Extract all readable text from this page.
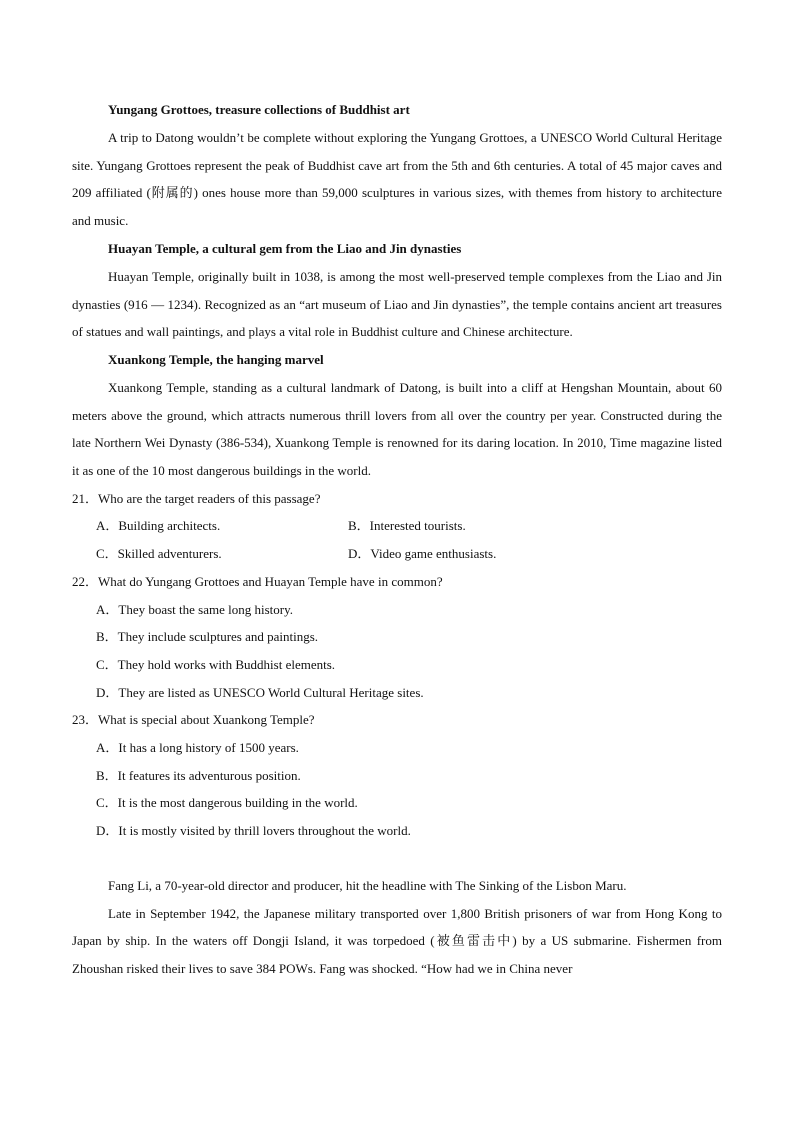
Yungang Grottoes, treasure collections of Buddhist art

A trip to Datong wouldn’t be complete without exploring the Yungang Grottoes, a UNESCO World Cultural Heritage site. Yungang Grottoes represent the peak of Buddhist cave art from the 5th and 6th centuries. A total of 45 major caves and 209 affiliated (附属的) ones house more than 59,000 sculptures in various sizes, with themes from history to architecture and music.

Huayan Temple, a cultural gem from the Liao and Jin dynasties

Huayan Temple, originally built in 1038, is among the most well-preserved temple complexes from the Liao and Jin dynasties (916 — 1234). Recognized as an “art museum of Liao and Jin dynasties”, the temple contains ancient art treasures of statues and wall paintings, and plays a vital role in Buddhist culture and Chinese architecture.

Xuankong Temple, the hanging marvel

Xuankong Temple, standing as a cultural landmark of Datong, is built into a cliff at Hengshan Mountain, about 60 meters above the ground, which attracts numerous thrill lovers from all over the country per year. Constructed during the late Northern Wei Dynasty (386-534), Xuankong Temple is renowned for its daring location. In 2010, Time magazine listed it as one of the 10 most dangerous buildings in the world.

21．Who are the target readers of this passage?

A．Building architects.	B．Interested tourists.
C．Skilled adventurers.	D．Video game enthusiasts.

22．What do Yungang Grottoes and Huayan Temple have in common?

A．They boast the same long history.

B．They include sculptures and paintings.

C．They hold works with Buddhist elements.

D．They are listed as UNESCO World Cultural Heritage sites.

23．What is special about Xuankong Temple?

A．It has a long history of 1500 years.

B．It features its adventurous position.

C．It is the most dangerous building in the world.

D．It is mostly visited by thrill lovers throughout the world.

Fang Li, a 70-year-old director and producer, hit the headline with The Sinking of the Lisbon Maru.

Late in September 1942, the Japanese military transported over 1,800 British prisoners of war from Hong Kong to Japan by ship. In the waters off Dongji Island, it was torpedoed (被鱼雷击中) by a US submarine. Fishermen from Zhoushan risked their lives to save 384 POWs. Fang was shocked. “How had we in China never
